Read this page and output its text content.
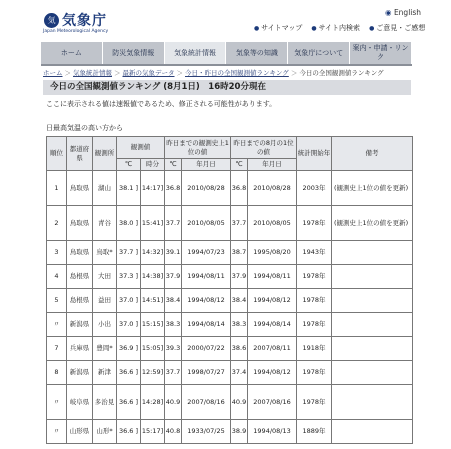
気 気象庁
Japan Meteorological Agency
◉ English
● サイトマップ	● サイト内検索	● ご意見・ご感想
ホーム	防災気象情報	気象統計情報	気象等の知識	気象庁について
案内・申請・リンク
ホーム ＞ 気象統計情報 ＞ 最新の気象データ ＞ 今日・昨日の全国観測値ランキング ＞ 今日の全国観測値ランキング
今日の全国観測値ランキング (8月1日)　16時20分現在
ここに表示される値は速報値であるため、修正される可能性があります。
日最高気温の高い方から
順位	都道府県	観測所	観測値		昨日までの観測史上1位の値		昨日までの8月の1位の値		統計開始年	備考
			℃	時分	℃	年月日	℃	年月日		
1	鳥取県	湖山	38.1 ]	14:17]	36.8	2010/08/28	36.8	2010/08/28	2003年	(観測史上1位の値を更新)
2	鳥取県	青谷	38.0 ]	15:41]	37.7	2010/08/05	37.7	2010/08/05	1978年	(観測史上1位の値を更新)
3	鳥取県	鳥取*	37.7 ]	14:32]	39.1	1994/07/23	38.7	1995/08/20	1943年	
4	島根県	大田	37.3 ]	14:38]	37.9	1994/08/11	37.9	1994/08/11	1978年	
5	島根県	益田	37.0 ]	14:51]	38.4	1994/08/12	38.4	1994/08/12	1978年	
〃	新潟県	小出	37.0 ]	15:15]	38.3	1994/08/14	38.3	1994/08/14	1978年	
7	兵庫県	豊岡*	36.9 ]	15:05]	39.3	2000/07/22	38.6	2007/08/11	1918年	
8	新潟県	新津	36.6 ]	12:59]	37.7	1998/07/27	37.4	1994/08/12	1978年	
〃	岐阜県	多治見	36.6 ]	14:28]	40.9	2007/08/16	40.9	2007/08/16	1978年	
〃	山形県	山形*	36.6 ]	15:17]	40.8	1933/07/25	38.9	1994/08/13	1889年	
